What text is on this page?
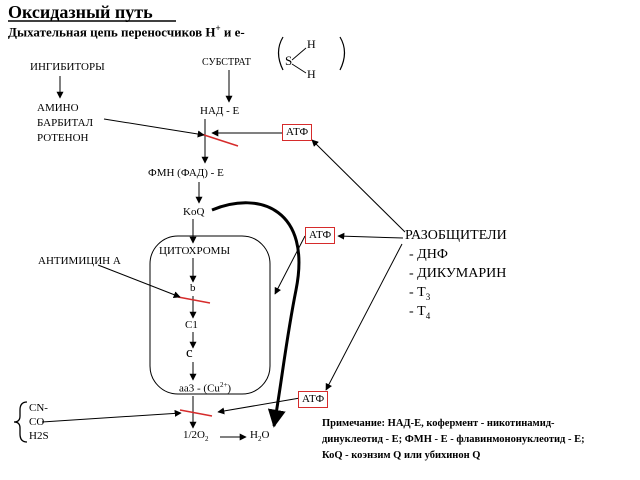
Оксидазный путь
Дыхательная цепь переносчиков Н+ и е-
S
H
H
ИНГИБИТОРЫ
АМИНО
БАРБИТАЛ
РОТЕНОН
СУБСТРАТ
НАД - Е
ФМН (ФАД) - Е
KoQ
ЦИТОХРОМЫ
АНТИМИЦИН А
b
C1
c
$аа3 - (Cu^{2+})$
CN-
CO
H2S	$1/2O_2$	$H_2O$
АТФ
АТФ
АТФ
РАЗОБЩИТЕЛИ
- ДНФ
- ДИКУМАРИН
- $Т_3$
- $Т_4$
Примечание: НАД-Е, кофермент - никотинамид-
динуклеотид - Е; ФМН - Е - флавинмононуклеотид - Е;
КоQ - коэнзим Q или убихинон Q
